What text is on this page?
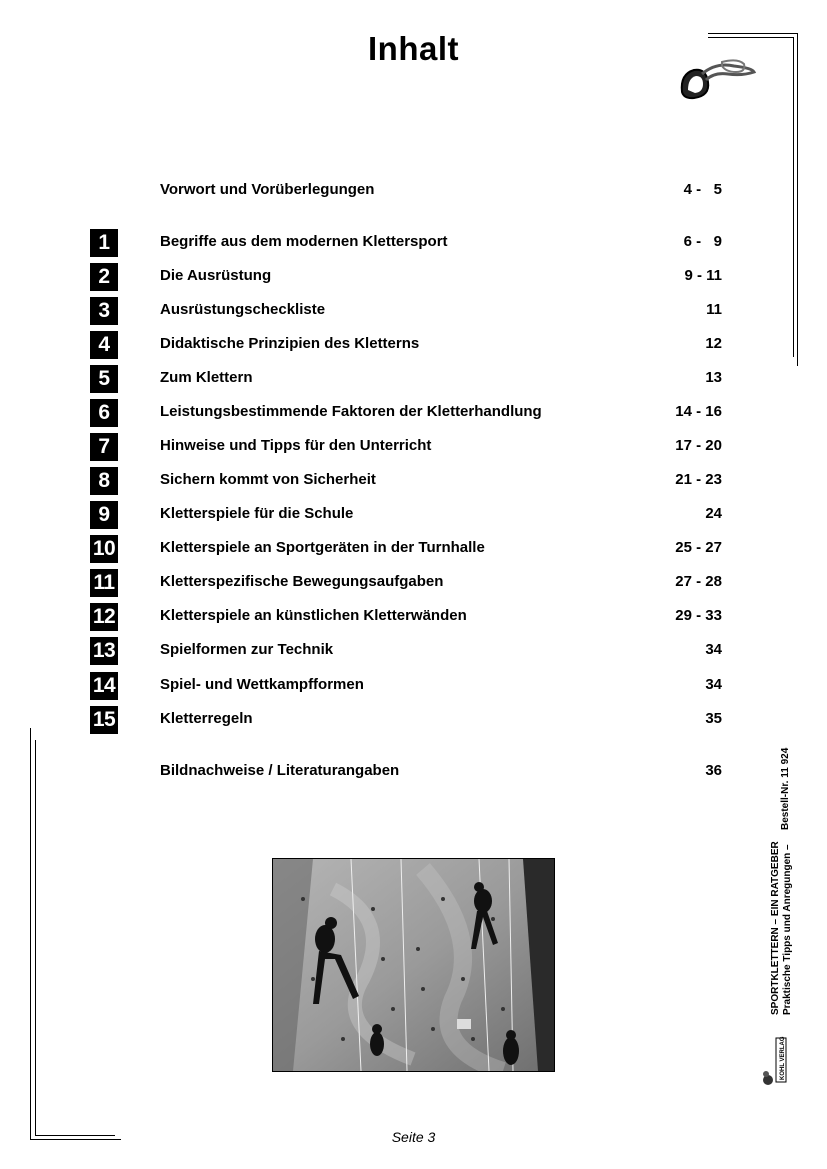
Inhalt
Vorwort und Vorüberlegungen	4 -   5
1	Begriffe aus dem modernen Klettersport	6 -   9
2	Die Ausrüstung	9 - 11
3	Ausrüstungscheckliste	11
4	Didaktische Prinzipien des Kletterns	12
5	Zum Klettern	13
6	Leistungsbestimmende Faktoren der Kletterhandlung	14 - 16
7	Hinweise und Tipps für den Unterricht	17 - 20
8	Sichern kommt von Sicherheit	21 - 23
9	Kletterspiele für die Schule	24
10	Kletterspiele an Sportgeräten in der Turnhalle	25 - 27
11	Kletterspezifische Bewegungsaufgaben	27 - 28
12	Kletterspiele an künstlichen Kletterwänden	29 - 33
13	Spielformen zur Technik	34
14	Spiel- und Wettkampfformen	34
15	Kletterregeln	35
Bildnachweise / Literaturangaben	36	Bestell-Nr. 11 924
SPORTKLETTERN – EIN RATGEBER Praktische Tipps und Anregungen –
KOHL VERLAG
Seite 3
